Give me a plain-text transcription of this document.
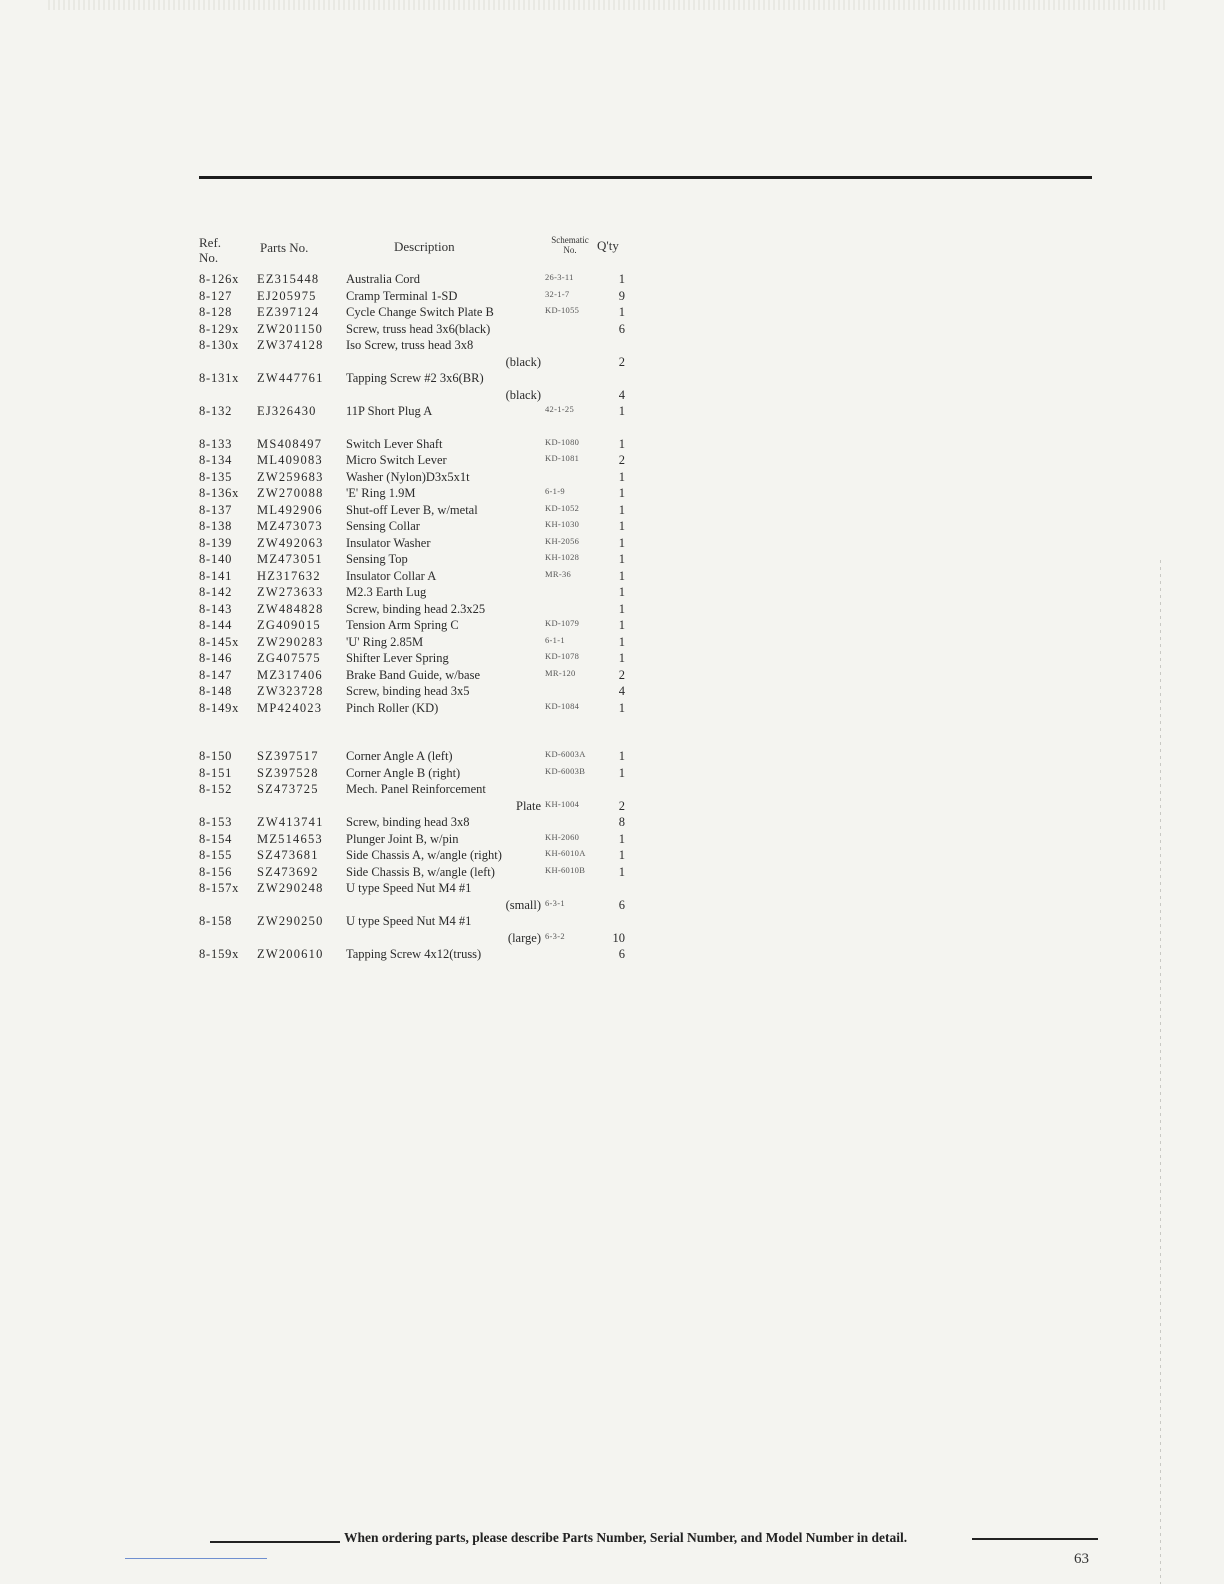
Ref. No.
Parts No.	Description	Schematic No.	Q'ty
8-126x EZ315448 Australia Cord	26-3-11	1
8-127 EJ205975 Cramp Terminal 1-SD	32-1-7	9
8-128 EZ397124 Cycle Change Switch Plate B	KD-1055	1
8-129x ZW201150 Screw, truss head 3x6(black)	6
8-130x ZW374128 Iso Screw, truss head 3x8
(black)	2
8-131x ZW447761 Tapping Screw #2 3x6(BR)
(black)	4
8-132 EJ326430 11P Short Plug A	42-1-25	1
8-133 MS408497 Switch Lever Shaft	KD-1080	1
8-134 ML409083 Micro Switch Lever	KD-1081	2
8-135 ZW259683 Washer (Nylon)D3x5x1t	1
8-136x ZW270088 'E' Ring 1.9M	6-1-9	1
8-137 ML492906 Shut-off Lever B, w/metal	KD-1052	1
8-138 MZ473073 Sensing Collar	KH-1030	1
8-139 ZW492063 Insulator Washer	KH-2056	1
8-140 MZ473051 Sensing Top	KH-1028	1
8-141 HZ317632 Insulator Collar A	MR-36	1
8-142 ZW273633 M2.3 Earth Lug	1
8-143 ZW484828 Screw, binding head 2.3x25	1
8-144 ZG409015 Tension Arm Spring C	KD-1079	1
8-145x ZW290283 'U' Ring 2.85M	6-1-1	1
8-146 ZG407575 Shifter Lever Spring	KD-1078	1
8-147 MZ317406 Brake Band Guide, w/base	MR-120	2
8-148 ZW323728 Screw, binding head 3x5	4
8-149x MP424023 Pinch Roller (KD)	KD-1084	1
8-150 SZ397517 Corner Angle A (left)	KD-6003A	1
8-151 SZ397528 Corner Angle B (right)	KD-6003B	1
8-152 SZ473725 Mech. Panel Reinforcement
Plate KH-1004	2
8-153 ZW413741 Screw, binding head 3x8	8
8-154 MZ514653 Plunger Joint B, w/pin	KH-2060	1
8-155 SZ473681 Side Chassis A, w/angle (right)	KH-6010A	1
8-156 SZ473692 Side Chassis B, w/angle (left)	KH-6010B	1
8-157x ZW290248 U type Speed Nut M4 #1
(small) 6-3-1	6
8-158 ZW290250 U type Speed Nut M4 #1
(large) 6-3-2	10
8-159x ZW200610 Tapping Screw 4x12(truss)	6
When ordering parts, please describe Parts Number, Serial Number, and Model Number in detail.
63
